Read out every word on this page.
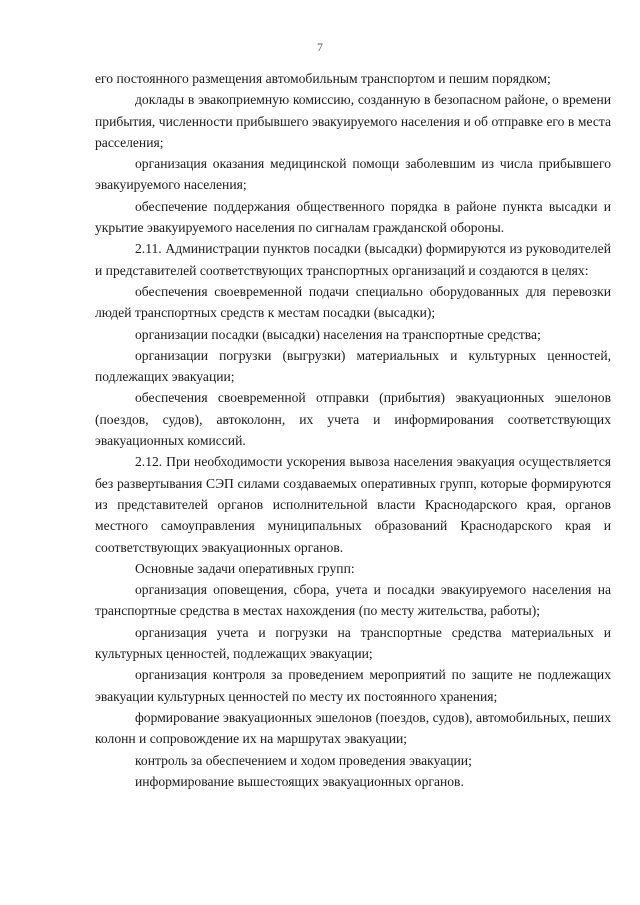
7

его постоянного размещения автомобильным транспортом и пешим порядком;

доклады в эвакоприемную комиссию, созданную в безопасном районе, о времени прибытия, численности прибывшего эвакуируемого населения и об отправке его в места расселения;

организация оказания медицинской помощи заболевшим из числа прибывшего эвакуируемого населения;

обеспечение поддержания общественного порядка в районе пункта высадки и укрытие эвакуируемого населения по сигналам гражданской обороны.

2.11. Администрации пунктов посадки (высадки) формируются из руководителей и представителей соответствующих транспортных организаций и создаются в целях:

обеспечения своевременной подачи специально оборудованных для перевозки людей транспортных средств к местам посадки (высадки);

организации посадки (высадки) населения на транспортные средства;

организации погрузки (выгрузки) материальных и культурных ценностей, подлежащих эвакуации;

обеспечения своевременной отправки (прибытия) эвакуационных эшелонов (поездов, судов), автоколонн, их учета и информирования соответствующих эвакуационных комиссий.

2.12. При необходимости ускорения вывоза населения эвакуация осуществляется без развертывания СЭП силами создаваемых оперативных групп, которые формируются из представителей органов исполнительной власти Краснодарского края, органов местного самоуправления муниципальных образований Краснодарского края и соответствующих эвакуационных органов.

Основные задачи оперативных групп:

организация оповещения, сбора, учета и посадки эвакуируемого населения на транспортные средства в местах нахождения (по месту жительства, работы);

организация учета и погрузки на транспортные средства материальных и культурных ценностей, подлежащих эвакуации;

организация контроля за проведением мероприятий по защите не подлежащих эвакуации культурных ценностей по месту их постоянного хранения;

формирование эвакуационных эшелонов (поездов, судов), автомобильных, пеших колонн и сопровождение их на маршрутах эвакуации;

контроль за обеспечением и ходом проведения эвакуации;

информирование вышестоящих эвакуационных органов.
